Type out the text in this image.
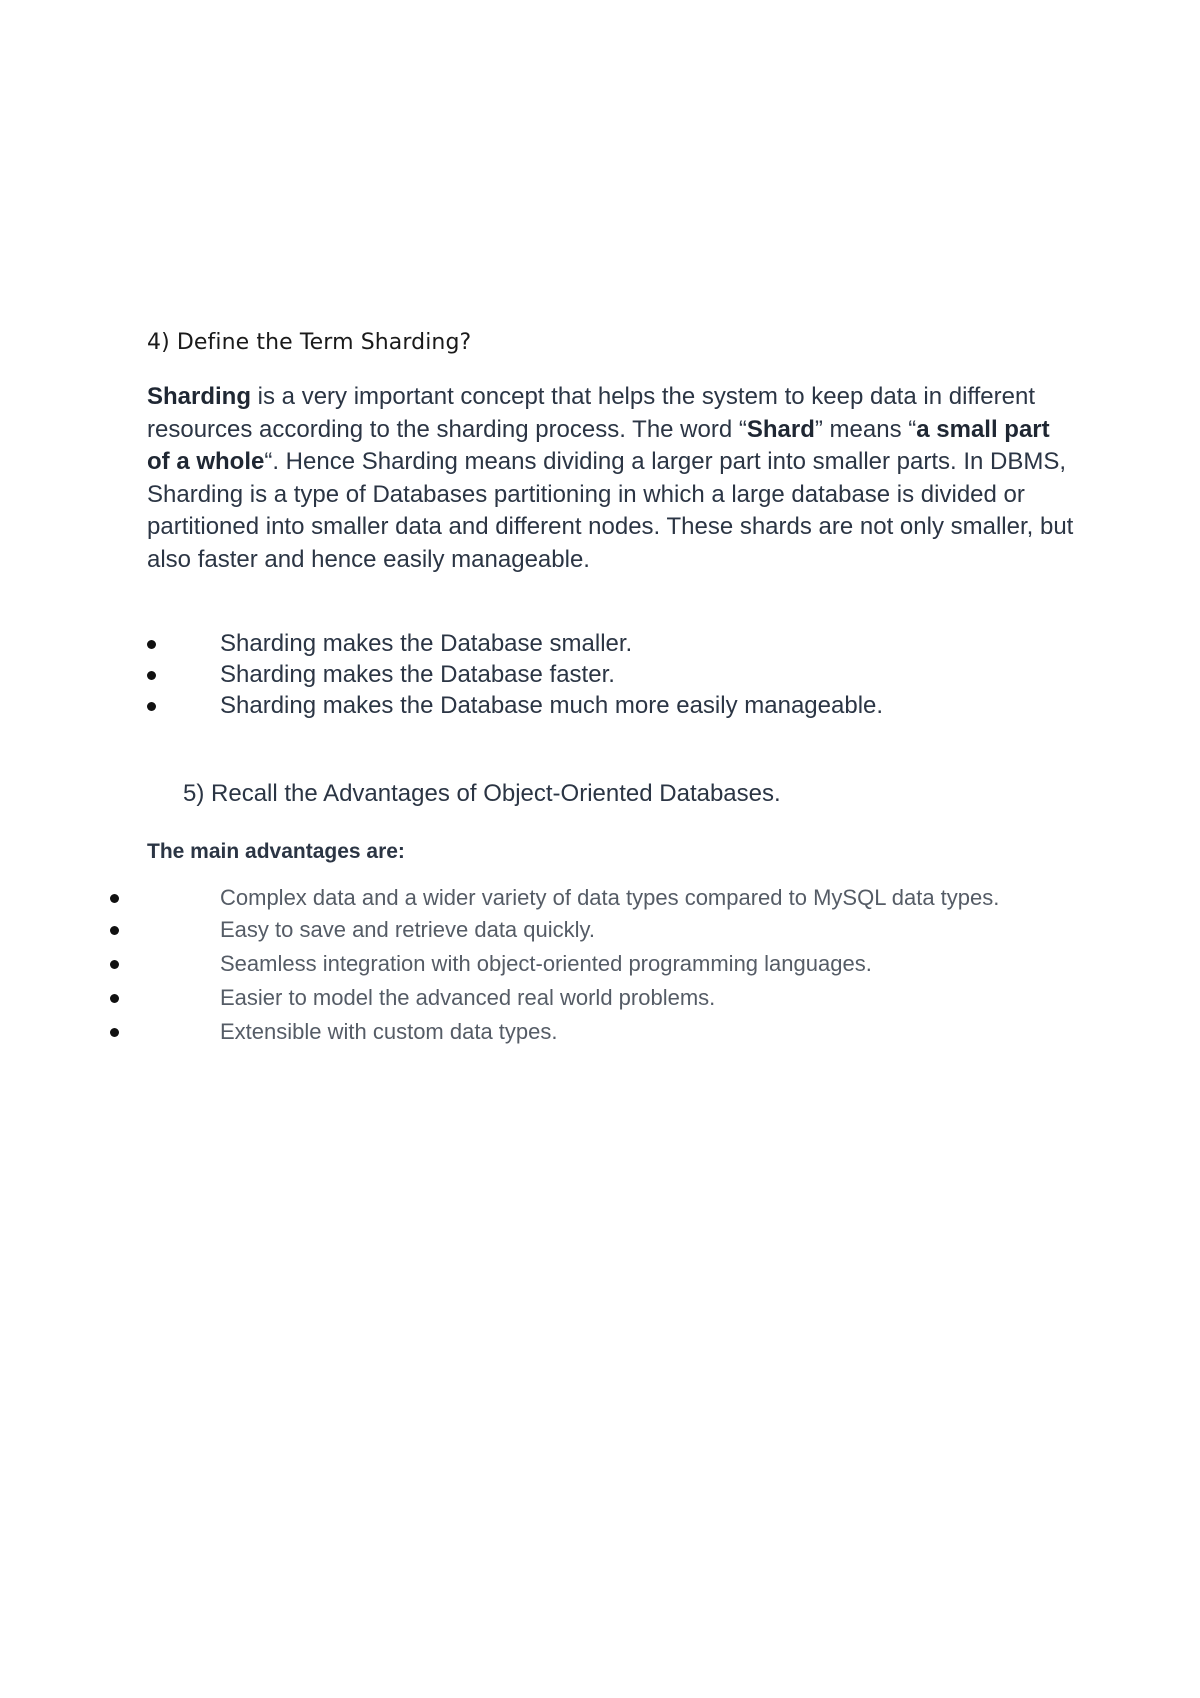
4) Define the Term Sharding?

Sharding is a very important concept that helps the system to keep data in different resources according to the sharding process. The word “Shard” means “a small part of a whole“. Hence Sharding means dividing a larger part into smaller parts. In DBMS, Sharding is a type of Databases partitioning in which a large database is divided or partitioned into smaller data and different nodes. These shards are not only smaller, but also faster and hence easily manageable.

Sharding makes the Database smaller.
Sharding makes the Database faster.
Sharding makes the Database much more easily manageable.
5) Recall the Advantages of Object-Oriented Databases.

The main advantages are:

Complex data and a wider variety of data types compared to MySQL data types.
Easy to save and retrieve data quickly.
Seamless integration with object-oriented programming languages.
Easier to model the advanced real world problems.
Extensible with custom data types.
